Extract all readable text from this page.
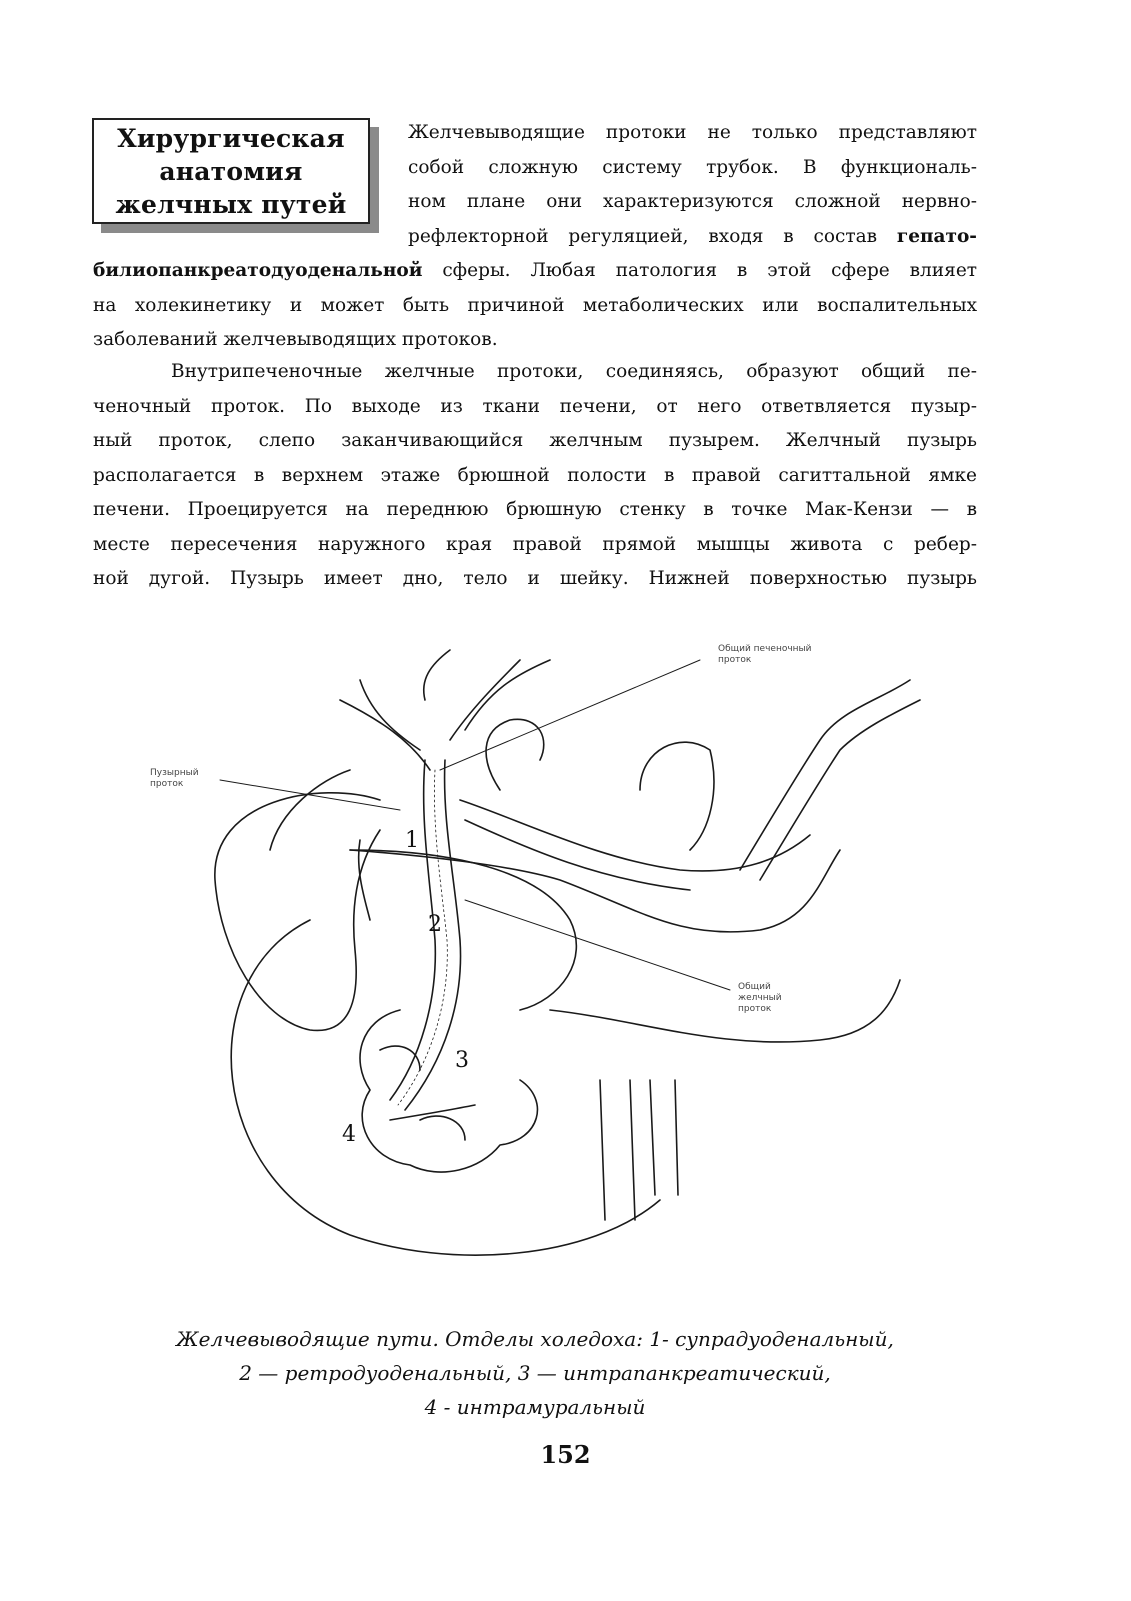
Хирургическая
анатомия
желчных путей
Желчевыводящие протоки не только представляют
собой сложную систему трубок. В функциональ-
ном плане они характеризуются сложной нервно-
рефлекторной регуляцией, входя в состав гепато-
билиопанкреатодуоденальной сферы. Любая патология в этой сфере влияет
на холекинетику и может быть причиной метаболических или воспалительных
заболеваний желчевыводящих протоков.
Внутрипеченочные желчные протоки, соединяясь, образуют общий пе-
ченочный проток. По выходе из ткани печени, от него ответвляется пузыр-
ный проток, слепо заканчивающийся желчным пузырем. Желчный пузырь
располагается в верхнем этаже брюшной полости в правой сагиттальной ямке
печени. Проецируется на переднюю брюшную стенку в точке Мак-Кензи — в
месте пересечения наружного края правой прямой мышцы живота с ребер-
ной дугой. Пузырь имеет дно, тело и шейку. Нижней поверхностью пузырь
Общий печеночный
проток
Пузырный
проток
Общий
желчный
проток
1
2
3
4
Желчевыводящие пути. Отделы холедоха: 1- супрадуоденальный,
2 — ретродуоденальный, 3 — интрапанкреатический,
4 - интрамуральный
152
